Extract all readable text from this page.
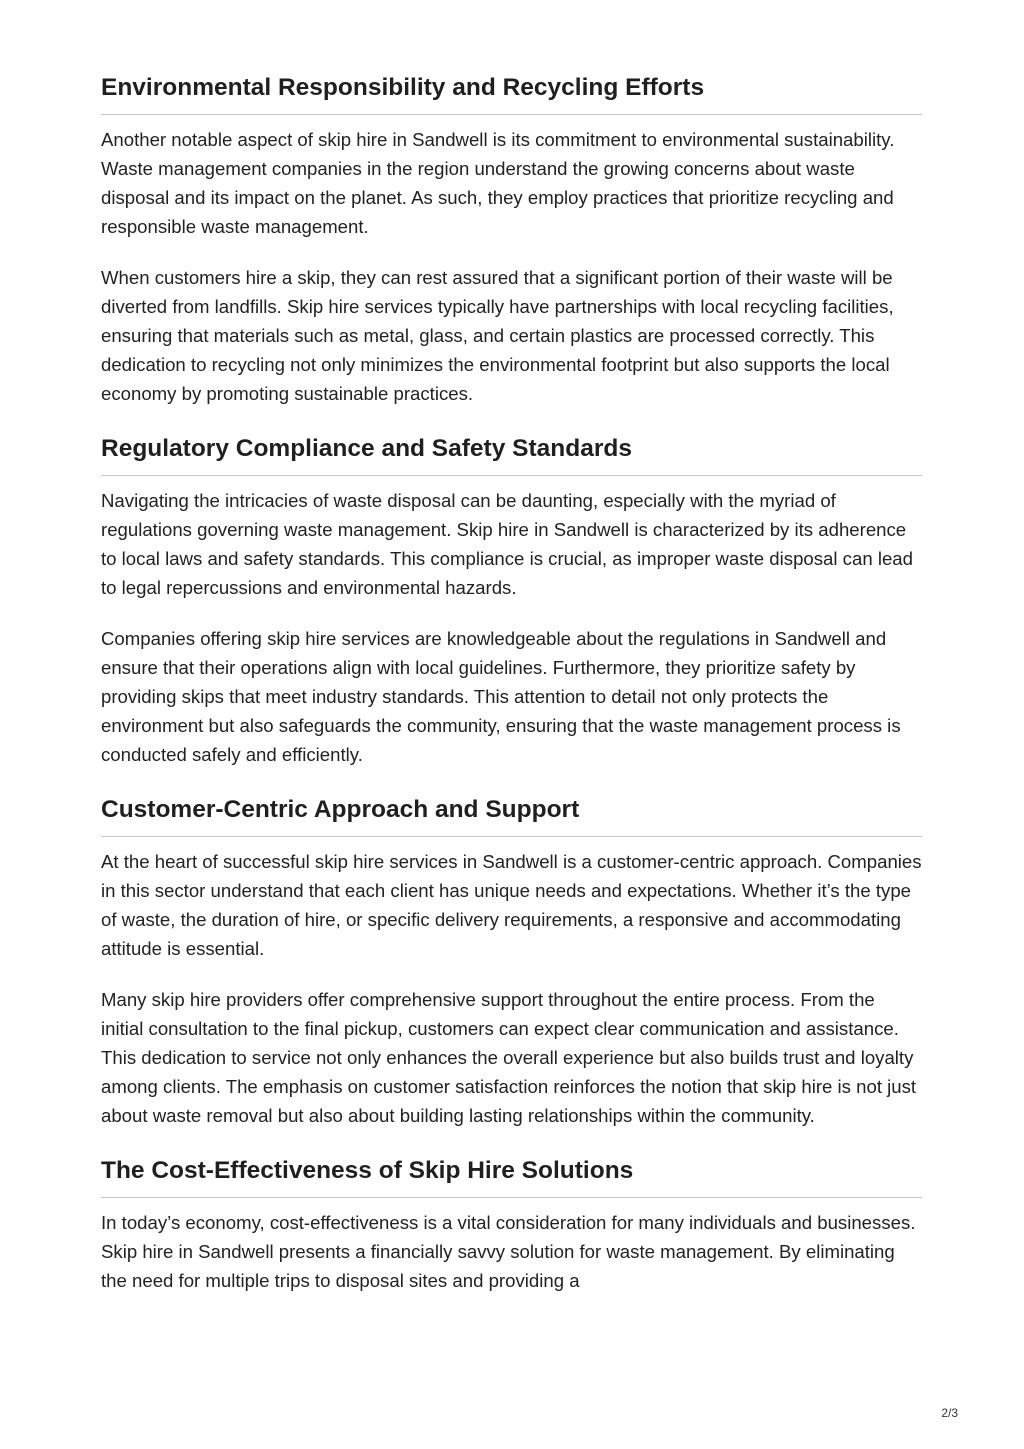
Environmental Responsibility and Recycling Efforts

Another notable aspect of skip hire in Sandwell is its commitment to environmental sustainability. Waste management companies in the region understand the growing concerns about waste disposal and its impact on the planet. As such, they employ practices that prioritize recycling and responsible waste management.

When customers hire a skip, they can rest assured that a significant portion of their waste will be diverted from landfills. Skip hire services typically have partnerships with local recycling facilities, ensuring that materials such as metal, glass, and certain plastics are processed correctly. This dedication to recycling not only minimizes the environmental footprint but also supports the local economy by promoting sustainable practices.

Regulatory Compliance and Safety Standards

Navigating the intricacies of waste disposal can be daunting, especially with the myriad of regulations governing waste management. Skip hire in Sandwell is characterized by its adherence to local laws and safety standards. This compliance is crucial, as improper waste disposal can lead to legal repercussions and environmental hazards.

Companies offering skip hire services are knowledgeable about the regulations in Sandwell and ensure that their operations align with local guidelines. Furthermore, they prioritize safety by providing skips that meet industry standards. This attention to detail not only protects the environment but also safeguards the community, ensuring that the waste management process is conducted safely and efficiently.

Customer-Centric Approach and Support

At the heart of successful skip hire services in Sandwell is a customer-centric approach. Companies in this sector understand that each client has unique needs and expectations. Whether it’s the type of waste, the duration of hire, or specific delivery requirements, a responsive and accommodating attitude is essential.

Many skip hire providers offer comprehensive support throughout the entire process. From the initial consultation to the final pickup, customers can expect clear communication and assistance. This dedication to service not only enhances the overall experience but also builds trust and loyalty among clients. The emphasis on customer satisfaction reinforces the notion that skip hire is not just about waste removal but also about building lasting relationships within the community.

The Cost-Effectiveness of Skip Hire Solutions

In today’s economy, cost-effectiveness is a vital consideration for many individuals and businesses. Skip hire in Sandwell presents a financially savvy solution for waste management. By eliminating the need for multiple trips to disposal sites and providing a

2/3
